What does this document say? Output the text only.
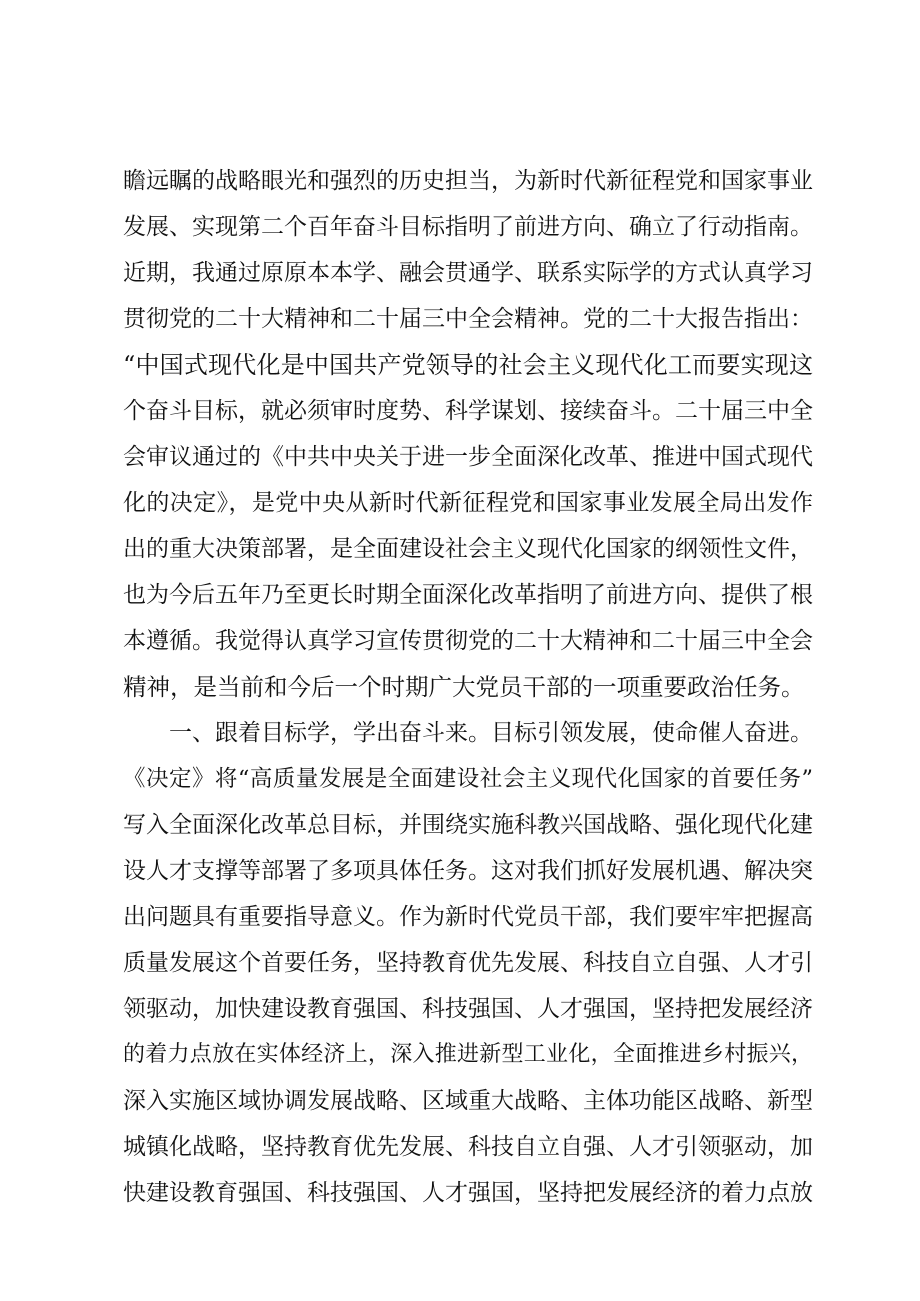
瞻远瞩的战略眼光和强烈的历史担当，为新时代新征程党和国家事业
发展、实现第二个百年奋斗目标指明了前进方向、确立了行动指南。
近期，我通过原原本本学、融会贯通学、联系实际学的方式认真学习
贯彻党的二十大精神和二十届三中全会精神。党的二十大报告指出：
“中国式现代化是中国共产党领导的社会主义现代化工而要实现这
个奋斗目标，就必须审时度势、科学谋划、接续奋斗。二十届三中全
会审议通过的《中共中央关于进一步全面深化改革、推进中国式现代
化的决定》，是党中央从新时代新征程党和国家事业发展全局出发作
出的重大决策部署，是全面建设社会主义现代化国家的纲领性文件，
也为今后五年乃至更长时期全面深化改革指明了前进方向、提供了根
本遵循。我觉得认真学习宣传贯彻党的二十大精神和二十届三中全会
精神，是当前和今后一个时期广大党员干部的一项重要政治任务。
　　一、跟着目标学，学出奋斗来。目标引领发展，使命催人奋进。
《决定》将“高质量发展是全面建设社会主义现代化国家的首要任务”
写入全面深化改革总目标，并围绕实施科教兴国战略、强化现代化建
设人才支撑等部署了多项具体任务。这对我们抓好发展机遇、解决突
出问题具有重要指导意义。作为新时代党员干部，我们要牢牢把握高
质量发展这个首要任务，坚持教育优先发展、科技自立自强、人才引
领驱动，加快建设教育强国、科技强国、人才强国，坚持把发展经济
的着力点放在实体经济上，深入推进新型工业化，全面推进乡村振兴，
深入实施区域协调发展战略、区域重大战略、主体功能区战略、新型
城镇化战略，坚持教育优先发展、科技自立自强、人才引领驱动，加
快建设教育强国、科技强国、人才强国，坚持把发展经济的着力点放
